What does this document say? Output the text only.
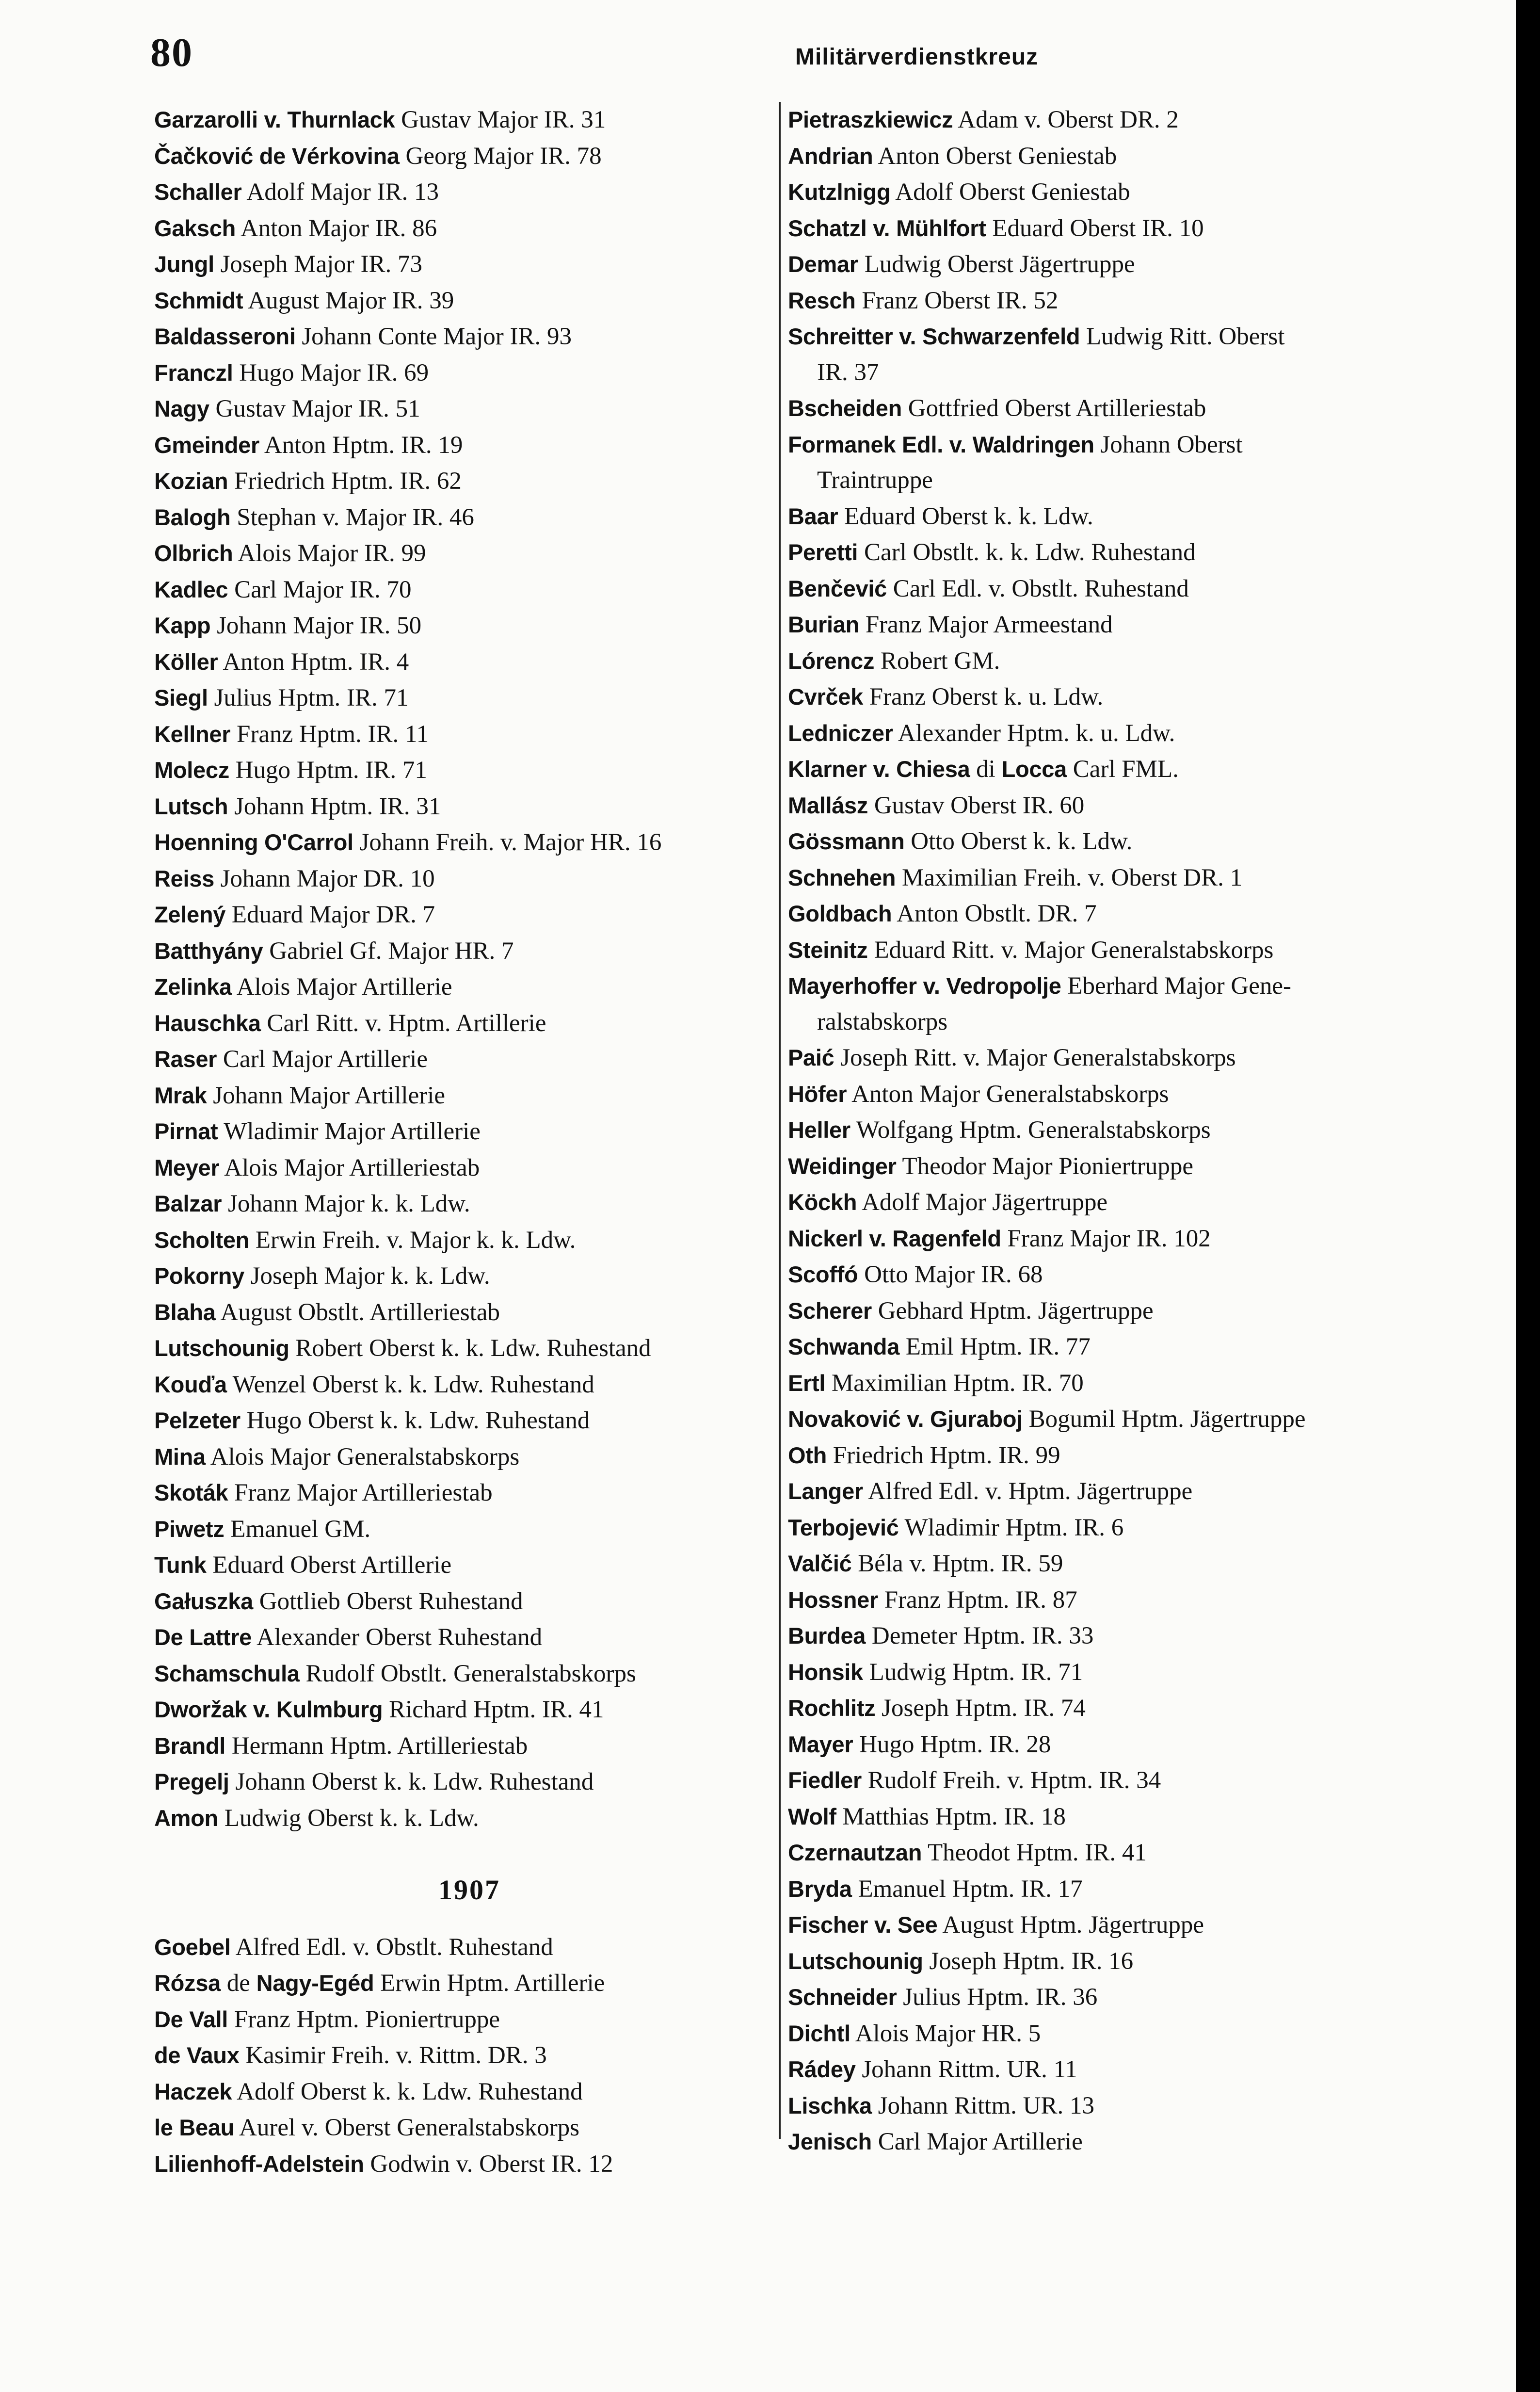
80	Militärverdienstkreuz
Garzarolli v. Thurnlack Gustav Major IR. 31
Čačković de Vérkovina Georg Major IR. 78
Schaller Adolf Major IR. 13
Gaksch Anton Major IR. 86
Jungl Joseph Major IR. 73
Schmidt August Major IR. 39
Baldasseroni Johann Conte Major IR. 93
Franczl Hugo Major IR. 69
Nagy Gustav Major IR. 51
Gmeinder Anton Hptm. IR. 19
Kozian Friedrich Hptm. IR. 62
Balogh Stephan v. Major IR. 46
Olbrich Alois Major IR. 99
Kadlec Carl Major IR. 70
Kapp Johann Major IR. 50
Köller Anton Hptm. IR. 4
Siegl Julius Hptm. IR. 71
Kellner Franz Hptm. IR. 11
Molecz Hugo Hptm. IR. 71
Lutsch Johann Hptm. IR. 31
Hoenning O'Carrol Johann Freih. v. Major HR. 16
Reiss Johann Major DR. 10
Zelený Eduard Major DR. 7
Batthyány Gabriel Gf. Major HR. 7
Zelinka Alois Major Artillerie
Hauschka Carl Ritt. v. Hptm. Artillerie
Raser Carl Major Artillerie
Mrak Johann Major Artillerie
Pirnat Wladimir Major Artillerie
Meyer Alois Major Artilleriestab
Balzar Johann Major k. k. Ldw.
Scholten Erwin Freih. v. Major k. k. Ldw.
Pokorny Joseph Major k. k. Ldw.
Blaha August Obstlt. Artilleriestab
Lutschounig Robert Oberst k. k. Ldw. Ruhestand
Kouďa Wenzel Oberst k. k. Ldw. Ruhestand
Pelzeter Hugo Oberst k. k. Ldw. Ruhestand
Mina Alois Major Generalstabskorps
Skoták Franz Major Artilleriestab
Piwetz Emanuel GM.
Tunk Eduard Oberst Artillerie
Gałuszka Gottlieb Oberst Ruhestand
De Lattre Alexander Oberst Ruhestand
Schamschula Rudolf Obstlt. Generalstabskorps
Dworžak v. Kulmburg Richard Hptm. IR. 41
Brandl Hermann Hptm. Artilleriestab
Pregelj Johann Oberst k. k. Ldw. Ruhestand
Amon Ludwig Oberst k. k. Ldw.
1907
Goebel Alfred Edl. v. Obstlt. Ruhestand
Rózsa de Nagy-Egéd Erwin Hptm. Artillerie
De Vall Franz Hptm. Pioniertruppe
de Vaux Kasimir Freih. v. Rittm. DR. 3
Haczek Adolf Oberst k. k. Ldw. Ruhestand
le Beau Aurel v. Oberst Generalstabskorps
Lilienhoff-Adelstein Godwin v. Oberst IR. 12
Pietraszkiewicz Adam v. Oberst DR. 2
Andrian Anton Oberst Geniestab
Kutzlnigg Adolf Oberst Geniestab
Schatzl v. Mühlfort Eduard Oberst IR. 10
Demar Ludwig Oberst Jägertruppe
Resch Franz Oberst IR. 52
Schreitter v. Schwarzenfeld Ludwig Ritt. Oberst
IR. 37
Bscheiden Gottfried Oberst Artilleriestab
Formanek Edl. v. Waldringen Johann Oberst
Traintruppe
Baar Eduard Oberst k. k. Ldw.
Peretti Carl Obstlt. k. k. Ldw. Ruhestand
Benčević Carl Edl. v. Obstlt. Ruhestand
Burian Franz Major Armeestand
Lórencz Robert GM.
Cvrček Franz Oberst k. u. Ldw.
Ledniczer Alexander Hptm. k. u. Ldw.
Klarner v. Chiesa di Locca Carl FML.
Mallász Gustav Oberst IR. 60
Gössmann Otto Oberst k. k. Ldw.
Schnehen Maximilian Freih. v. Oberst DR. 1
Goldbach Anton Obstlt. DR. 7
Steinitz Eduard Ritt. v. Major Generalstabskorps
Mayerhoffer v. Vedropolje Eberhard Major Gene-
ralstabskorps
Paić Joseph Ritt. v. Major Generalstabskorps
Höfer Anton Major Generalstabskorps
Heller Wolfgang Hptm. Generalstabskorps
Weidinger Theodor Major Pioniertruppe
Köckh Adolf Major Jägertruppe
Nickerl v. Ragenfeld Franz Major IR. 102
Scoffó Otto Major IR. 68
Scherer Gebhard Hptm. Jägertruppe
Schwanda Emil Hptm. IR. 77
Ertl Maximilian Hptm. IR. 70
Novaković v. Gjuraboj Bogumil Hptm. Jägertruppe
Oth Friedrich Hptm. IR. 99
Langer Alfred Edl. v. Hptm. Jägertruppe
Terbojević Wladimir Hptm. IR. 6
Valčić Béla v. Hptm. IR. 59
Hossner Franz Hptm. IR. 87
Burdea Demeter Hptm. IR. 33
Honsik Ludwig Hptm. IR. 71
Rochlitz Joseph Hptm. IR. 74
Mayer Hugo Hptm. IR. 28
Fiedler Rudolf Freih. v. Hptm. IR. 34
Wolf Matthias Hptm. IR. 18
Czernautzan Theodot Hptm. IR. 41
Bryda Emanuel Hptm. IR. 17
Fischer v. See August Hptm. Jägertruppe
Lutschounig Joseph Hptm. IR. 16
Schneider Julius Hptm. IR. 36
Dichtl Alois Major HR. 5
Rádey Johann Rittm. UR. 11
Lischka Johann Rittm. UR. 13
Jenisch Carl Major Artillerie
